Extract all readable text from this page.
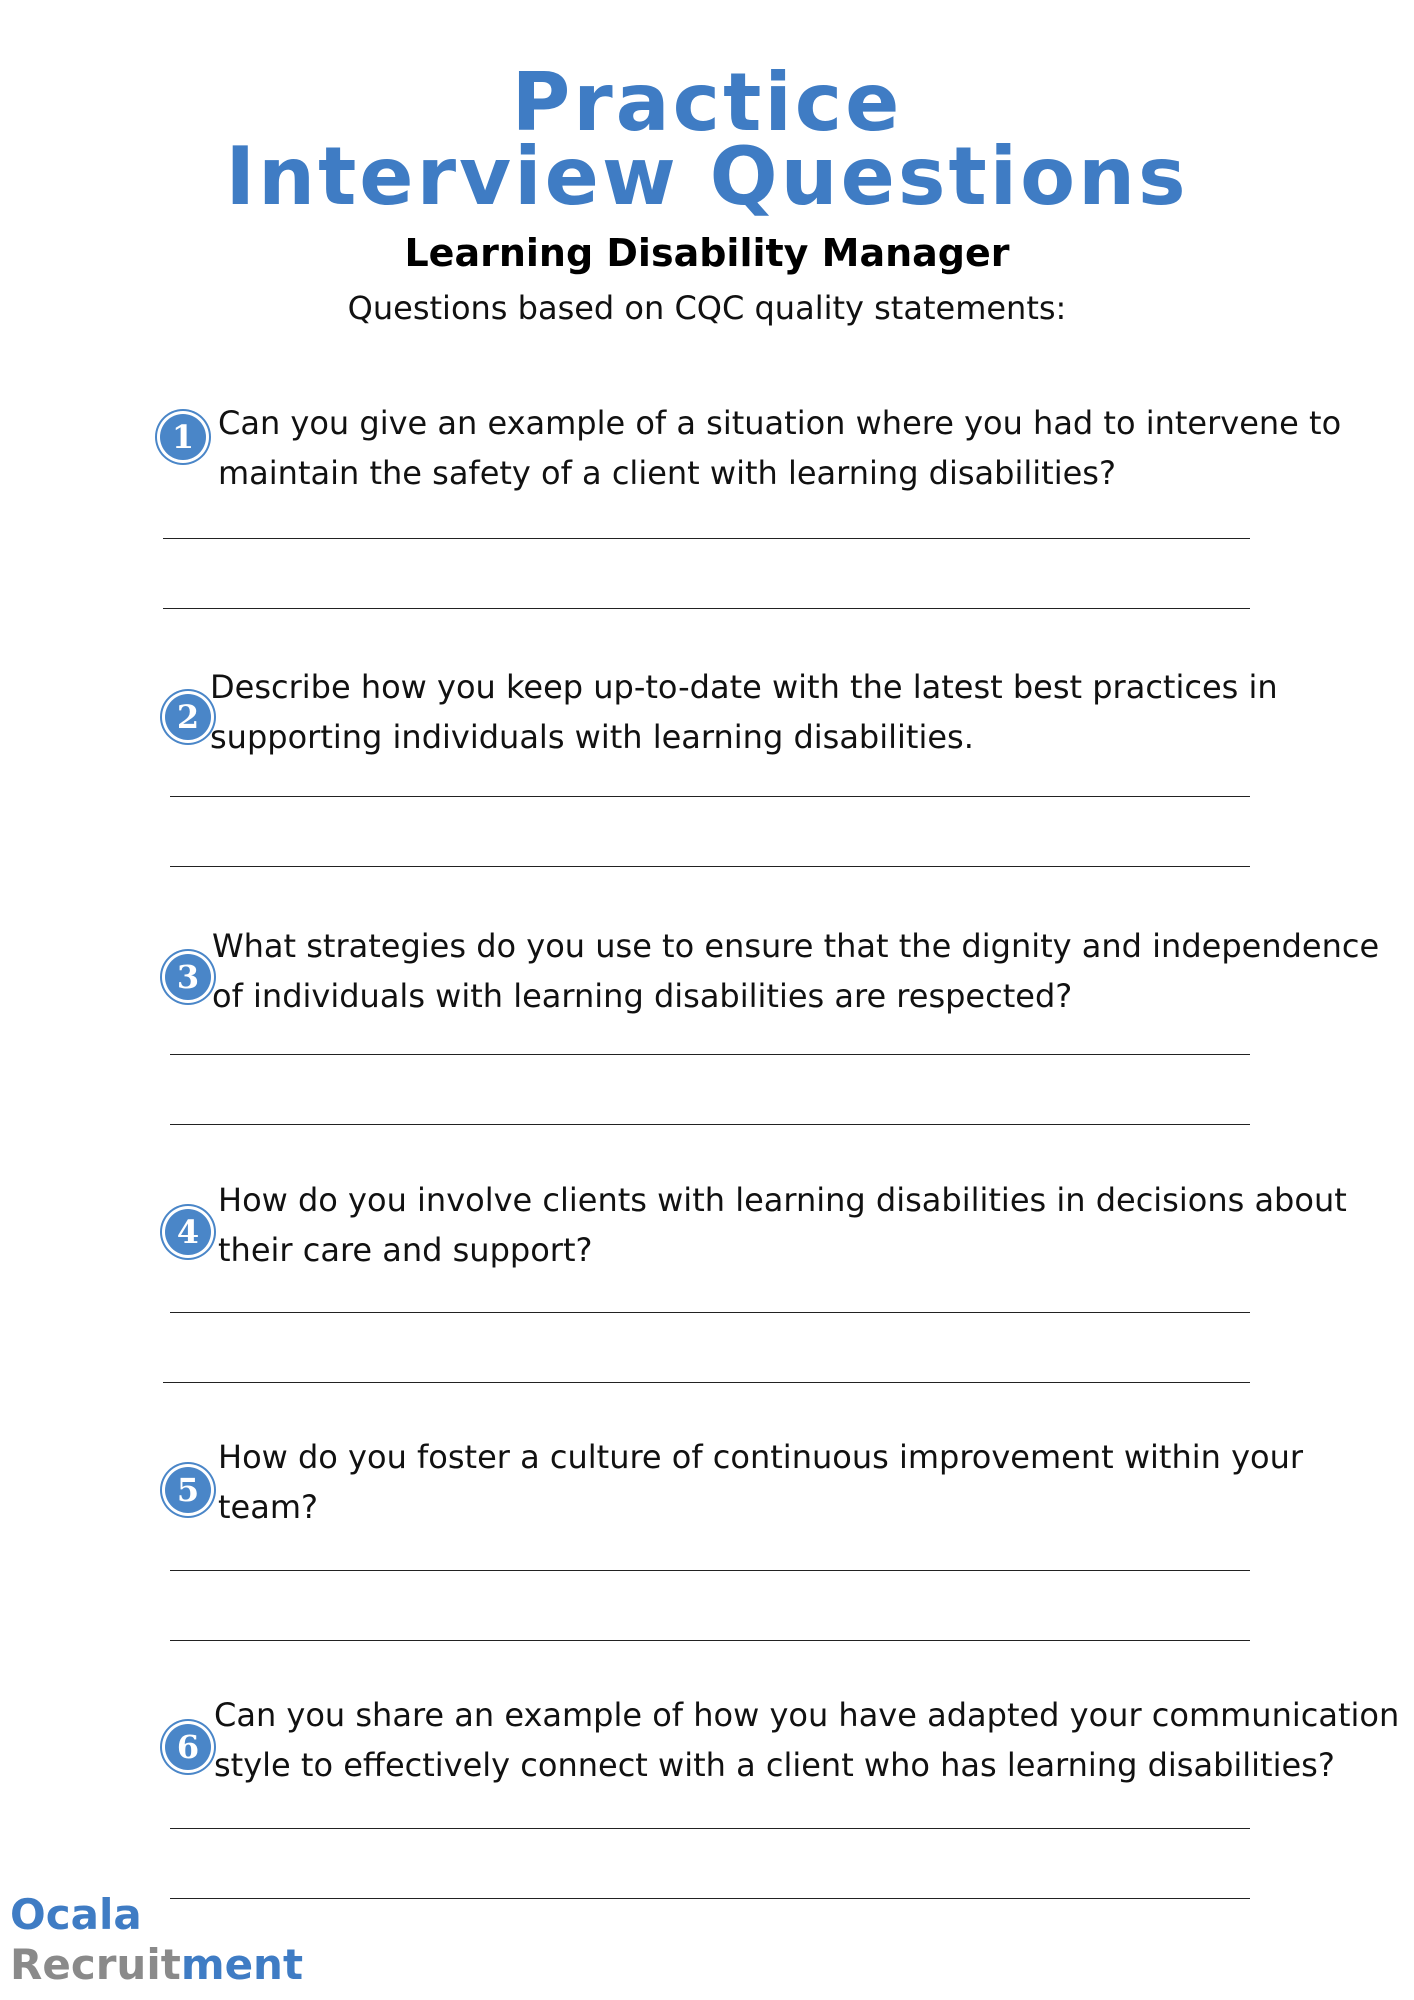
Practice
Interview Questions
Learning Disability Manager
Questions based on CQC quality statements:
1 Can you give an example of a situation where you had to intervene to
maintain the safety of a client with learning disabilities?
2
Describe how you keep up-to-date with the latest best practices in
supporting individuals with learning disabilities.
3
What strategies do you use to ensure that the dignity and independence
of individuals with learning disabilities are respected?
4
How do you involve clients with learning disabilities in decisions about
their care and support?
5
How do you foster a culture of continuous improvement within your
team?
6
Can you share an example of how you have adapted your communication
style to effectively connect with a client who has learning disabilities?
Ocala
Recruitment
